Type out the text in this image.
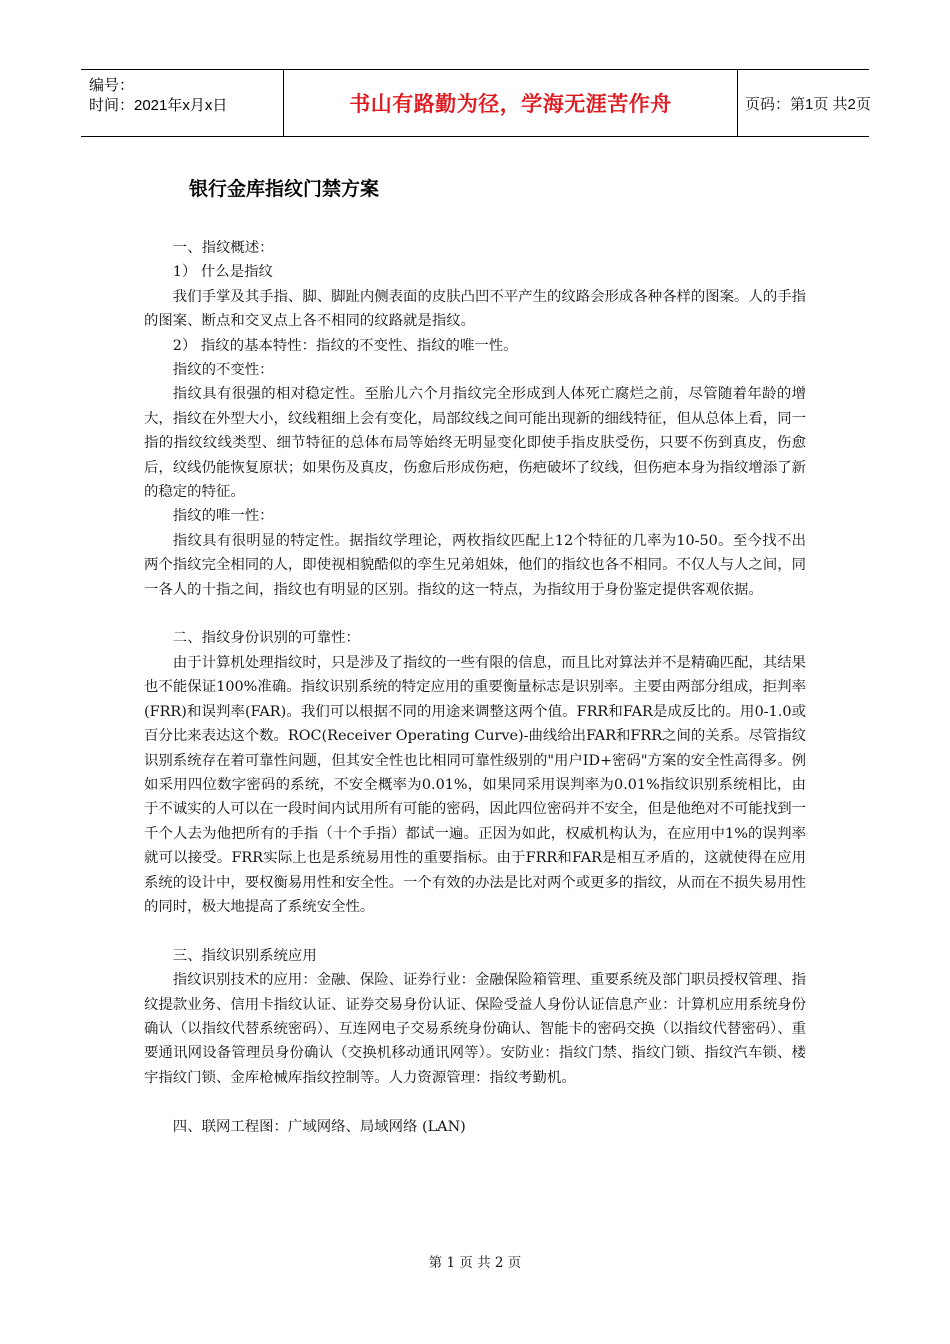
编号：
时间：2021年x月x日	书山有路勤为径，学海无涯苦作舟	页码：第1页 共2页
银行金库指纹门禁方案

一、指纹概述：

1） 什么是指纹

我们手掌及其手指、脚、脚趾内侧表面的皮肤凸凹不平产生的纹路会形成各种各样的图案。人的手指的图案、断点和交叉点上各不相同的纹路就是指纹。

2） 指纹的基本特性：指纹的不变性、指纹的唯一性。

指纹的不变性：

指纹具有很强的相对稳定性。至胎儿六个月指纹完全形成到人体死亡腐烂之前，尽管随着年龄的增大，指纹在外型大小，纹线粗细上会有变化，局部纹线之间可能出现新的细线特征，但从总体上看，同一指的指纹纹线类型、细节特征的总体布局等始终无明显变化即使手指皮肤受伤，只要不伤到真皮，伤愈后，纹线仍能恢复原状；如果伤及真皮，伤愈后形成伤疤，伤疤破坏了纹线，但伤疤本身为指纹增添了新的稳定的特征。

指纹的唯一性：

指纹具有很明显的特定性。据指纹学理论，两枚指纹匹配上12个特征的几率为10-50。至今找不出两个指纹完全相同的人，即使视相貌酷似的孪生兄弟姐妹，他们的指纹也各不相同。不仅人与人之间，同一各人的十指之间，指纹也有明显的区别。指纹的这一特点，为指纹用于身份鉴定提供客观依据。

二、指纹身份识别的可靠性：

由于计算机处理指纹时，只是涉及了指纹的一些有限的信息，而且比对算法并不是精确匹配，其结果也不能保证100%准确。指纹识别系统的特定应用的重要衡量标志是识别率。主要由两部分组成，拒判率(FRR)和误判率(FAR)。我们可以根据不同的用途来调整这两个值。FRR和FAR是成反比的。用0-1.0或百分比来表达这个数。ROC(Receiver Operating Curve)-曲线给出FAR和FRR之间的关系。尽管指纹识别系统存在着可靠性问题，但其安全性也比相同可靠性级别的"用户ID+密码"方案的安全性高得多。例如采用四位数字密码的系统，不安全概率为0.01%，如果同采用误判率为0.01%指纹识别系统相比，由于不诚实的人可以在一段时间内试用所有可能的密码，因此四位密码并不安全，但是他绝对不可能找到一千个人去为他把所有的手指（十个手指）都试一遍。正因为如此，权威机构认为，在应用中1%的误判率就可以接受。FRR实际上也是系统易用性的重要指标。由于FRR和FAR是相互矛盾的，这就使得在应用系统的设计中，要权衡易用性和安全性。一个有效的办法是比对两个或更多的指纹，从而在不损失易用性的同时，极大地提高了系统安全性。

三、指纹识别系统应用

指纹识别技术的应用：金融、保险、证券行业：金融保险箱管理、重要系统及部门职员授权管理、指纹提款业务、信用卡指纹认证、证券交易身份认证、保险受益人身份认证信息产业：计算机应用系统身份确认（以指纹代替系统密码）、互连网电子交易系统身份确认、智能卡的密码交换（以指纹代替密码）、重要通讯网设备管理员身份确认（交换机移动通讯网等）。安防业：指纹门禁、指纹门锁、指纹汽车锁、楼宇指纹门锁、金库枪械库指纹控制等。人力资源管理：指纹考勤机。

四、联网工程图：广域网络、局域网络 (LAN)

第 1 页 共 2 页
